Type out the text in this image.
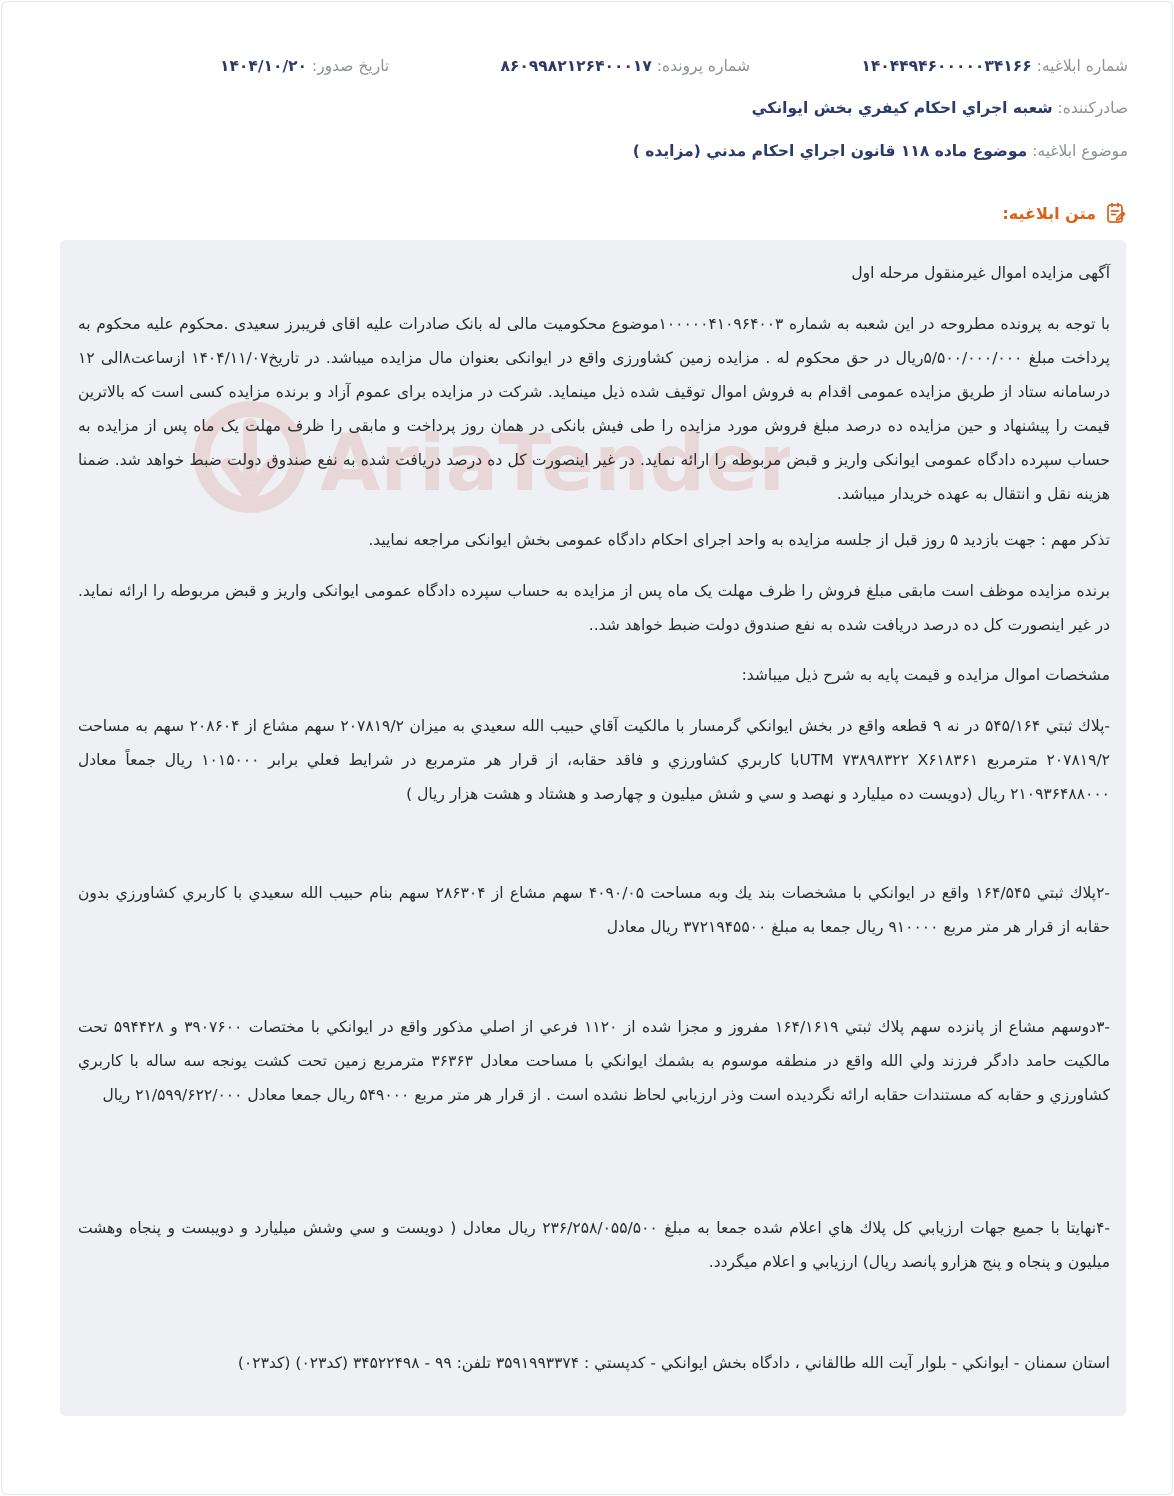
شماره ابلاغیه: ۱۴۰۴۴۹۴۶۰۰۰۰۰۳۴۱۶۶
شماره پرونده: ۸۶۰۹۹۸۲۱۲۶۴۰۰۰۱۷
تاریخ صدور: ۱۴۰۴/۱۰/۲۰
صادرکننده: شعبه اجراي احكام كيفري بخش ايوانكي
موضوع ابلاغیه: موضوع ماده ۱۱۸ قانون اجراي احكام مدني (مزايده )
متن ابلاغیه:
آگهی مزایده اموال غیرمنقول مرحله اول
با توجه به پرونده مطروحه در این شعبه به شماره ۱۰۰۰۰۰۴۱۰۹۶۴۰۰۳موضوع محکومیت مالی له بانک صادرات علیه اقای فریبرز سعیدی .محکوم علیه محکوم به پرداخت مبلغ ۵/۵۰۰/۰۰۰/۰۰۰ریال در حق محکوم له . مزایده زمین کشاورزی واقع در ایوانکی بعنوان مال مزایده میباشد. در تاریخ۱۴۰۴/۱۱/۰۷ ازساعت۸الی ۱۲ درسامانه ستاد از طریق مزایده عمومی اقدام به فروش اموال توقیف شده ذیل مینماید. شرکت در مزایده برای عموم آزاد و برنده مزایده کسی است که بالاترین قیمت را پیشنهاد و حین مزایده ده درصد مبلغ فروش مورد مزایده را طی فیش بانکی در همان روز پرداخت و مابقی را ظرف مهلت یک ماه پس از مزایده به حساب سپرده دادگاه عمومی ایوانکی واریز و قبض مربوطه را ارائه نماید. در غیر اینصورت کل ده درصد دریافت شده به نفع صندوق دولت ضبط خواهد شد. ضمنا هزینه نقل و انتقال به عهده خریدار میباشد.
تذکر مهم : جهت بازدید ۵ روز قبل از جلسه مزایده به واحد اجرای احکام دادگاه عمومی بخش ایوانکی مراجعه نمایید.
برنده مزایده موظف است مابقی مبلغ فروش را ظرف مهلت یک ماه پس از مزایده به حساب سپرده دادگاه عمومی ایوانکی واریز و قبض مربوطه را ارائه نماید. در غیر اینصورت کل ده درصد دریافت شده به نفع صندوق دولت ضبط خواهد شد..
مشخصات اموال مزایده و قیمت پایه به شرح ذیل میباشد:
-پلاك ثبتي ۵۴۵/۱۶۴ در نه ۹ قطعه واقع در بخش ايوانكي گرمسار با مالكيت آقاي حبيب الله سعيدي به ميزان ۲۰۷۸۱۹/۲ سهم مشاع از ۲۰۸۶۰۴ سهم به مساحت ۲۰۷۸۱۹/۲ مترمربع UTM ۷۳۸۹۸۳۲۲ X۶۱۸۳۶۱با كاربري كشاورزي و فاقد حقابه، از قرار هر مترمربع در شرايط فعلي برابر ۱۰۱۵۰۰۰ ريال جمعاً معادل ۲۱۰۹۳۶۴۸۸۰۰۰ ريال (دويست ده ميليارد و نهصد و سي و شش ميليون و چهارصد و هشتاد و هشت هزار ريال )
-۲پلاك ثبتي ۱۶۴/۵۴۵ واقع در ايوانكي با مشخصات بند يك وبه مساحت ۴۰۹۰/۰۵ سهم مشاع از ۲۸۶۳۰۴ سهم بنام حبيب الله سعيدي با كاربري كشاورزي بدون حقابه از قرار هر متر مربع ۹۱۰۰۰۰ ريال جمعا به مبلغ ۳۷۲۱۹۴۵۵۰۰ ريال معادل
-۳دوسهم مشاع از پانزده سهم پلاك ثبتي ۱۶۴/۱۶۱۹ مفروز و مجزا شده از ۱۱۲۰ فرعي از اصلي مذكور واقع در ايوانكي با مختصات ۳۹۰۷۶۰۰ و ۵۹۴۴۲۸ تحت مالكيت حامد دادگر فرزند ولي الله واقع در منطقه موسوم به بشمك ايوانكي با مساحت معادل ۳۶۳۶۳ مترمربع زمين تحت كشت يونجه سه ساله با كاربري كشاورزي و حقابه كه مستندات حقابه ارائه نگرديده است وذر ارزيابي لحاظ نشده است . از قرار هر متر مربع ۵۴۹۰۰۰ ريال جمعا معادل ۲۱/۵۹۹/۶۲۲/۰۰۰ ريال
-۴نهايتا با جميع جهات ارزيابي كل پلاك هاي اعلام شده جمعا به مبلغ ۲۳۶/۲۵۸/۰۵۵/۵۰۰ ريال معادل ( دويست و سي وشش ميليارد و دويبست و پنجاه وهشت ميليون و پنجاه و پنج هزارو پانصد ريال) ارزيابي و اعلام ميگردد.
استان سمنان - ايوانكي - بلوار آيت الله طالقاني ، دادگاه بخش ايوانكي - كدپستي : ۳۵۹۱۹۹۳۳۷۴ تلفن: ۹۹ - ۳۴۵۲۲۴۹۸ (كد۰۲۳) (كد۰۲۳)
